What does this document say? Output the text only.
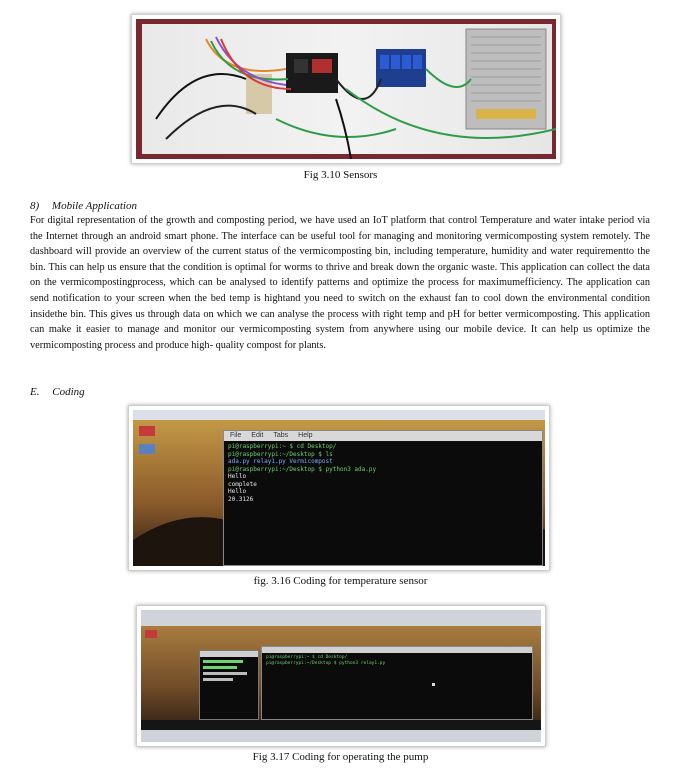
Fig 3.10 Sensors
8) Mobile Application
For digital representation of the growth and composting period, we have used an IoT platform that control Temperature and water intake period via the Internet through an android smart phone. The interface can be useful tool for managing and monitoring vermicomposting system remotely. The dashboard will provide an overview of the current status of the vermicomposting bin, including temperature, humidity and water requirementto the bin. This can help us ensure that the condition is optimal for worms to thrive and break down the organic waste. This application can collect the data on the vermicompostingprocess, which can be analysed to identify patterns and optimize the process for maximumefficiency. The application can send notification to your screen when the bed temp is hightand you need to switch on the exhaust fan to cool down the environmental condition insidethe bin. This gives us through data on which we can analyse the process with right temp and pH for better vermicomposting. This application can make it easier to manage and monitor our vermicomposting system from anywhere using our mobile device. It can help us optimize the vermicomposting process and produce high- quality compost for plants.
E. Coding
File Edit Tabs Help
pi@raspberrypi:~ $ cd Desktop/
pi@raspberrypi:~/Desktop $ ls
ada.py relay1.py Vermicompost
pi@raspberrypi:~/Desktop $ python3 ada.py
Hello
complete
Hello
20.3126
fig. 3.16 Coding for temperature sensor
pi@raspberrypi:~ $ cd Desktop/
pi@raspberrypi:~/Desktop $ python3 relay1.py
Fig 3.17 Coding for operating the pump
